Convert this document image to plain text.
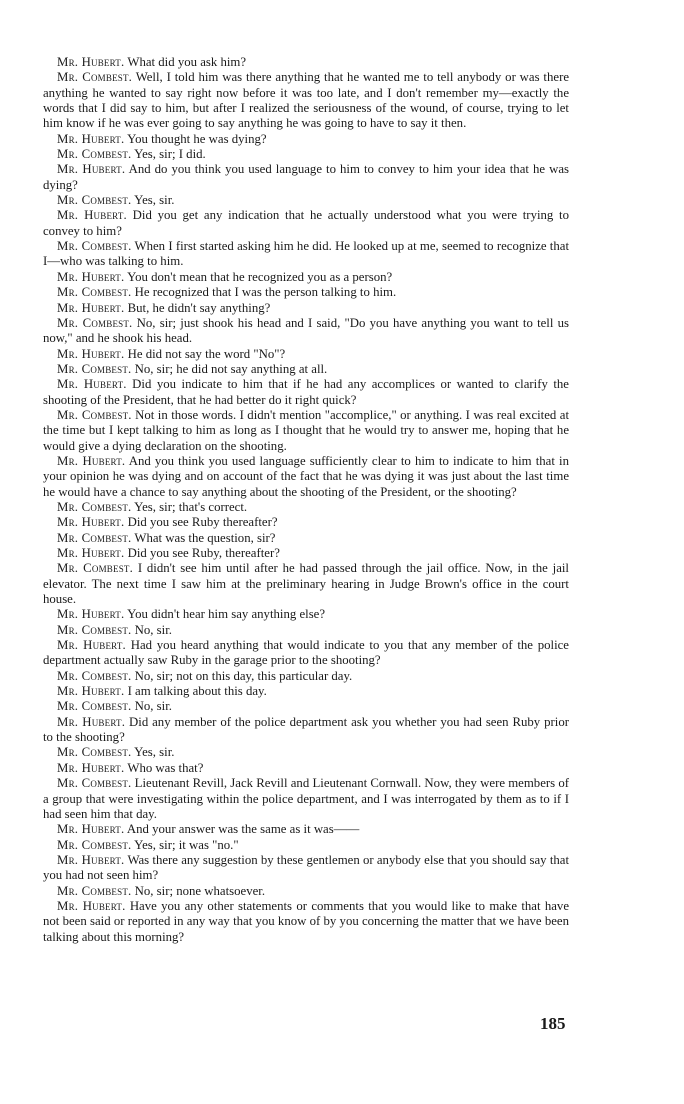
Mr. Hubert. What did you ask him?

Mr. Combest. Well, I told him was there anything that he wanted me to tell anybody or was there anything he wanted to say right now before it was too late, and I don't remember my—exactly the words that I did say to him, but after I realized the seriousness of the wound, of course, trying to let him know if he was ever going to say anything he was going to have to say it then.

Mr. Hubert. You thought he was dying?

Mr. Combest. Yes, sir; I did.

Mr. Hubert. And do you think you used language to him to convey to him your idea that he was dying?

Mr. Combest. Yes, sir.

Mr. Hubert. Did you get any indication that he actually understood what you were trying to convey to him?

Mr. Combest. When I first started asking him he did. He looked up at me, seemed to recognize that I—who was talking to him.

Mr. Hubert. You don't mean that he recognized you as a person?

Mr. Combest. He recognized that I was the person talking to him.

Mr. Hubert. But, he didn't say anything?

Mr. Combest. No, sir; just shook his head and I said, "Do you have anything you want to tell us now," and he shook his head.

Mr. Hubert. He did not say the word "No"?

Mr. Combest. No, sir; he did not say anything at all.

Mr. Hubert. Did you indicate to him that if he had any accomplices or wanted to clarify the shooting of the President, that he had better do it right quick?

Mr. Combest. Not in those words. I didn't mention "accomplice," or anything. I was real excited at the time but I kept talking to him as long as I thought that he would try to answer me, hoping that he would give a dying declaration on the shooting.

Mr. Hubert. And you think you used language sufficiently clear to him to indicate to him that in your opinion he was dying and on account of the fact that he was dying it was just about the last time he would have a chance to say anything about the shooting of the President, or the shooting?

Mr. Combest. Yes, sir; that's correct.

Mr. Hubert. Did you see Ruby thereafter?

Mr. Combest. What was the question, sir?

Mr. Hubert. Did you see Ruby, thereafter?

Mr. Combest. I didn't see him until after he had passed through the jail office. Now, in the jail elevator. The next time I saw him at the preliminary hearing in Judge Brown's office in the court house.

Mr. Hubert. You didn't hear him say anything else?

Mr. Combest. No, sir.

Mr. Hubert. Had you heard anything that would indicate to you that any member of the police department actually saw Ruby in the garage prior to the shooting?

Mr. Combest. No, sir; not on this day, this particular day.

Mr. Hubert. I am talking about this day.

Mr. Combest. No, sir.

Mr. Hubert. Did any member of the police department ask you whether you had seen Ruby prior to the shooting?

Mr. Combest. Yes, sir.

Mr. Hubert. Who was that?

Mr. Combest. Lieutenant Revill, Jack Revill and Lieutenant Cornwall. Now, they were members of a group that were investigating within the police department, and I was interrogated by them as to if I had seen him that day.

Mr. Hubert. And your answer was the same as it was——

Mr. Combest. Yes, sir; it was "no."

Mr. Hubert. Was there any suggestion by these gentlemen or anybody else that you should say that you had not seen him?

Mr. Combest. No, sir; none whatsoever.

Mr. Hubert. Have you any other statements or comments that you would like to make that have not been said or reported in any way that you know of by you concerning the matter that we have been talking about this morning?

185
